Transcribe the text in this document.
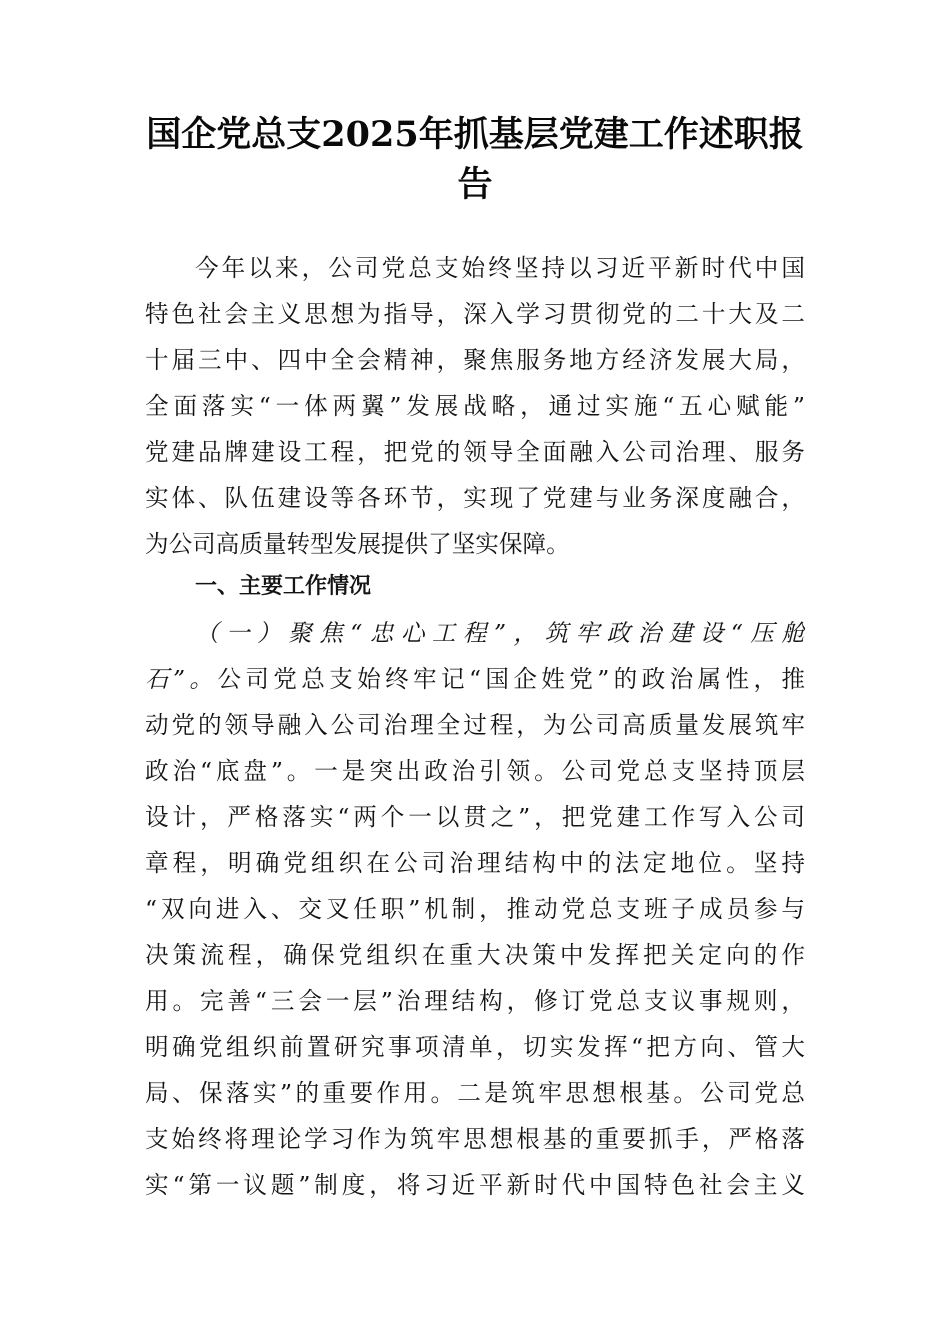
国企党总支2025年抓基层党建工作述职报
告

今年以来，公司党总支始终坚持以习近平新时代中国

特色社会主义思想为指导，深入学习贯彻党的二十大及二

十届三中、四中全会精神，聚焦服务地方经济发展大局，

全面落实“一体两翼”发展战略，通过实施“五心赋能”

党建品牌建设工程，把党的领导全面融入公司治理、服务

实体、队伍建设等各环节，实现了党建与业务深度融合，

为公司高质量转型发展提供了坚实保障。

一、主要工作情况

（一）聚焦“忠心工程”，筑牢政治建设“压舱

石”。公司党总支始终牢记“国企姓党”的政治属性，推

动党的领导融入公司治理全过程，为公司高质量发展筑牢

政治“底盘”。一是突出政治引领。公司党总支坚持顶层

设计，严格落实“两个一以贯之”，把党建工作写入公司

章程，明确党组织在公司治理结构中的法定地位。坚持

“双向进入、交叉任职”机制，推动党总支班子成员参与

决策流程，确保党组织在重大决策中发挥把关定向的作

用。完善“三会一层”治理结构，修订党总支议事规则，

明确党组织前置研究事项清单，切实发挥“把方向、管大

局、保落实”的重要作用。二是筑牢思想根基。公司党总

支始终将理论学习作为筑牢思想根基的重要抓手，严格落

实“第一议题”制度，将习近平新时代中国特色社会主义
